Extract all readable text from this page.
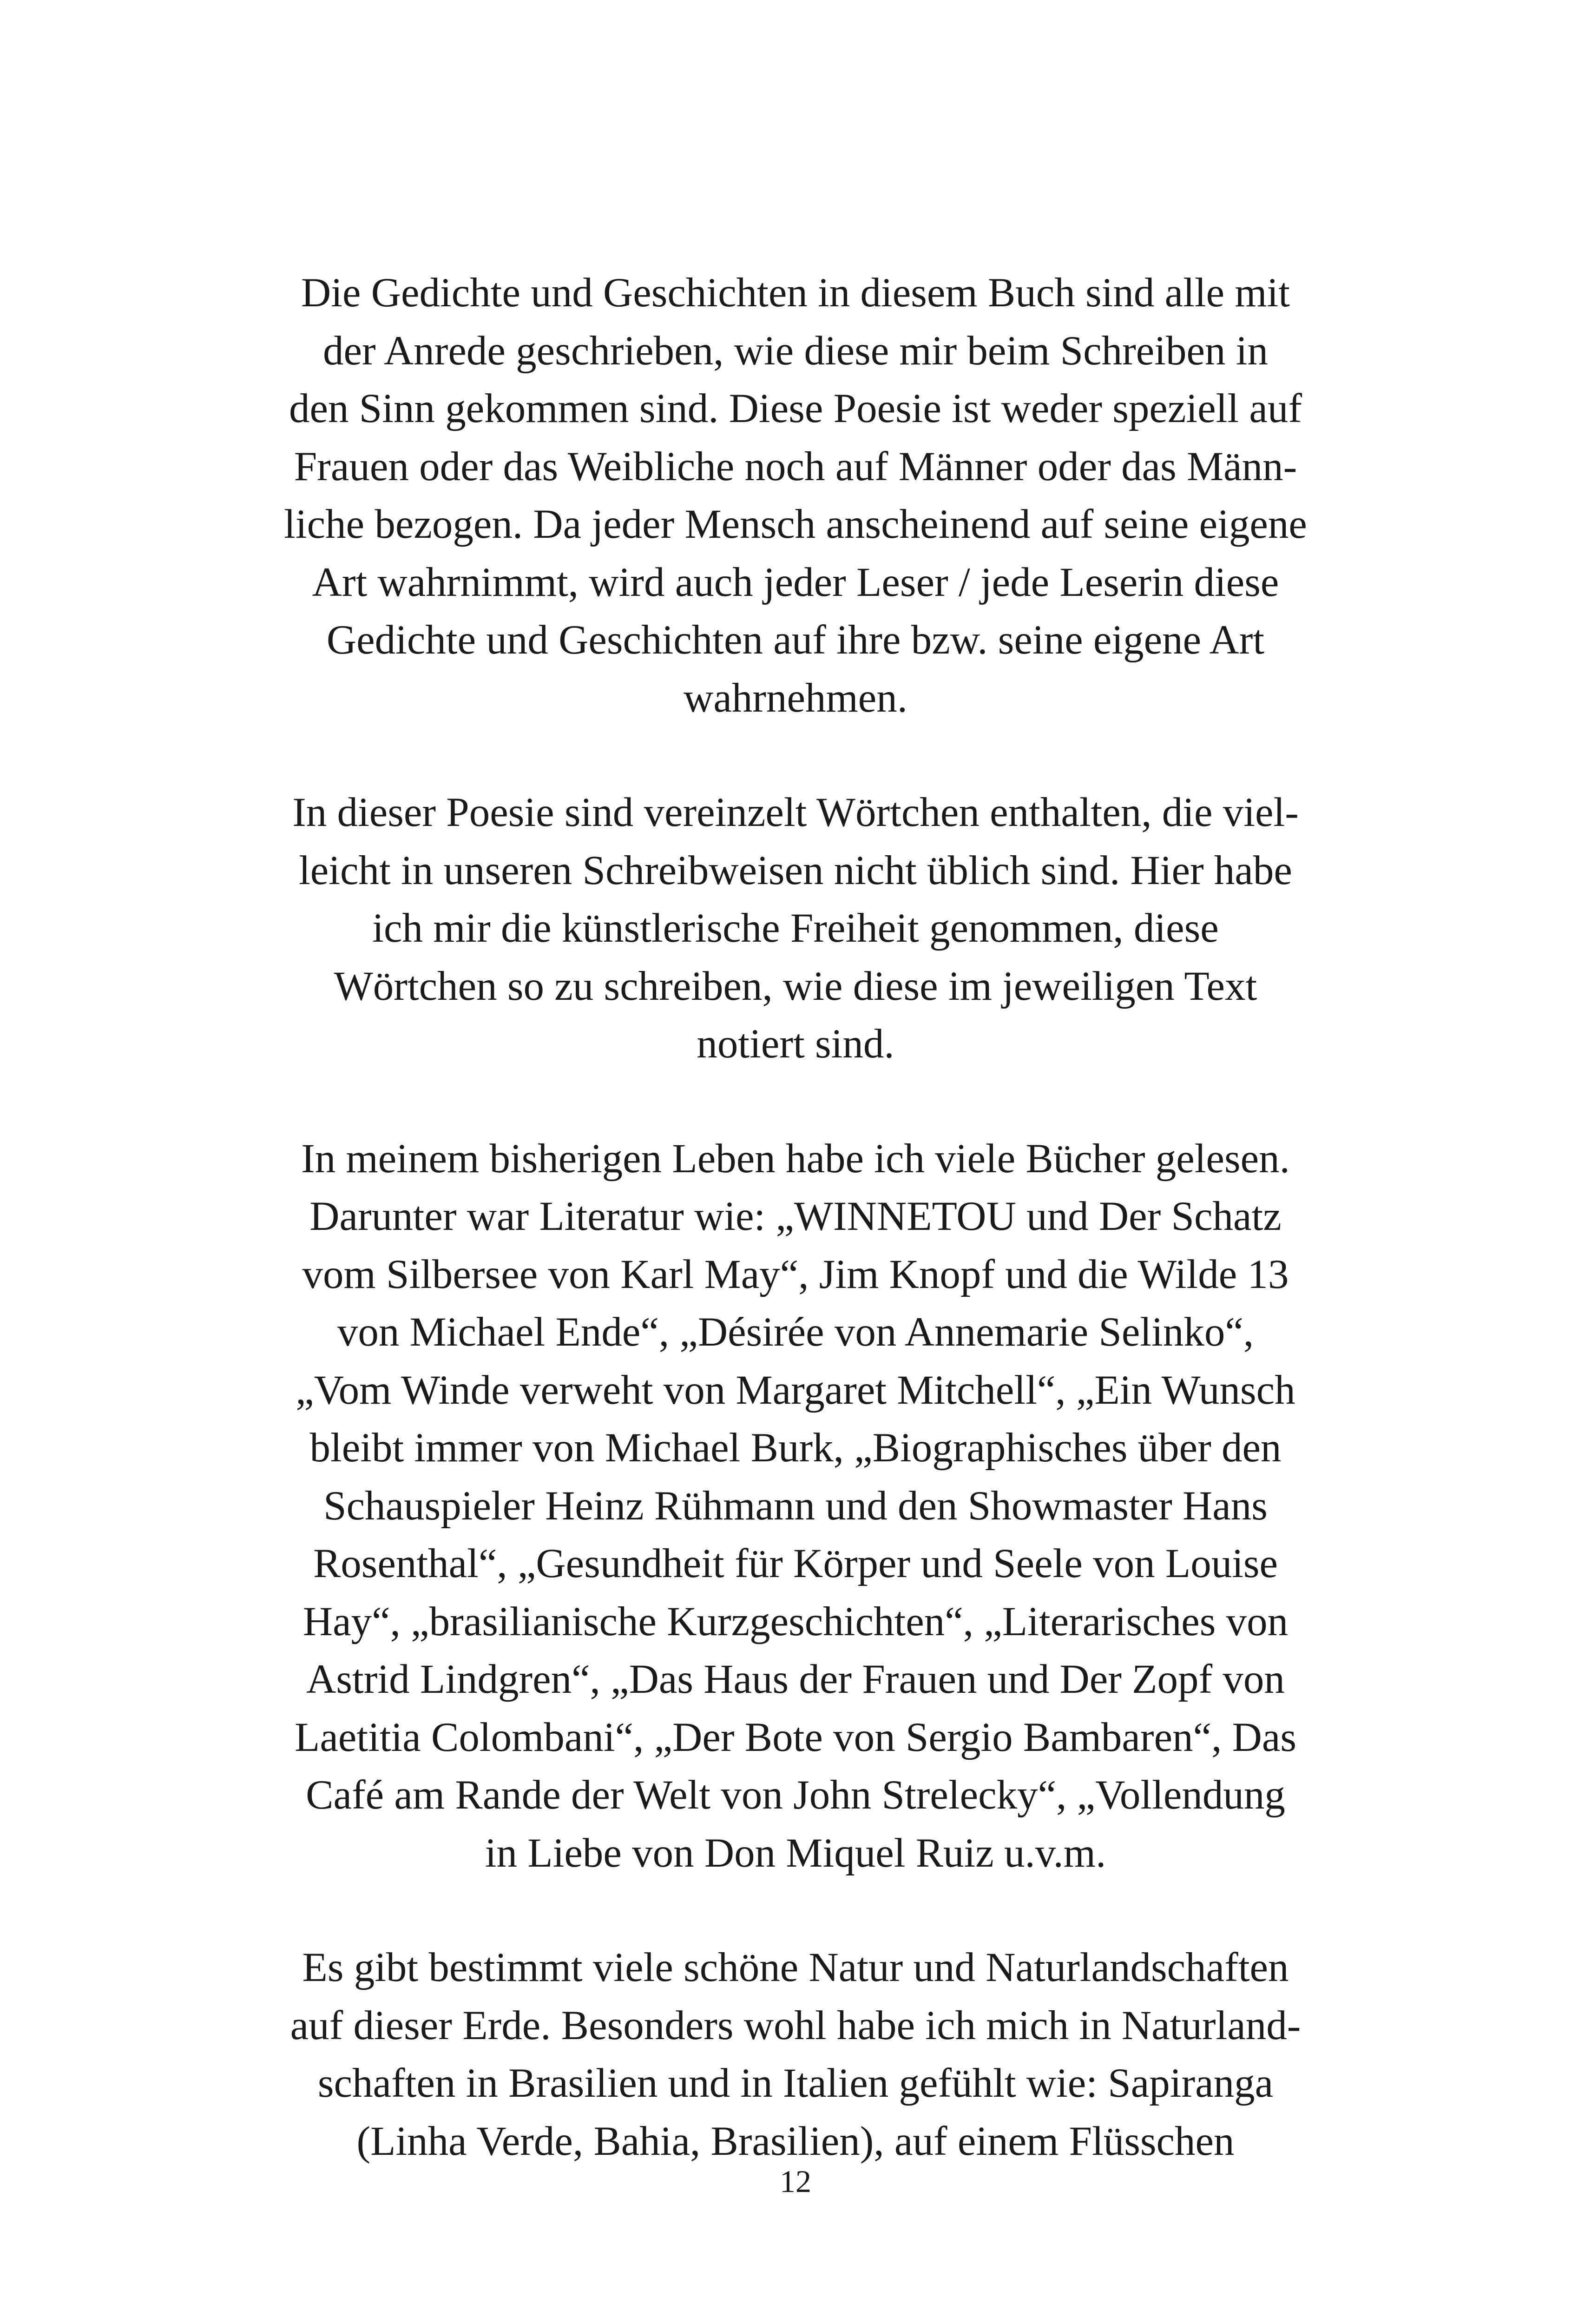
Die Gedichte und Geschichten in diesem Buch sind alle mit
der Anrede geschrieben, wie diese mir beim Schreiben in
den Sinn gekommen sind. Diese Poesie ist weder speziell auf
Frauen oder das Weibliche noch auf Männer oder das Männ-
liche bezogen. Da jeder Mensch anscheinend auf seine eigene
Art wahrnimmt, wird auch jeder Leser / jede Leserin diese
Gedichte und Geschichten auf ihre bzw. seine eigene Art
wahrnehmen.

In dieser Poesie sind vereinzelt Wörtchen enthalten, die viel-
leicht in unseren Schreibweisen nicht üblich sind. Hier habe
ich mir die künstlerische Freiheit genommen, diese
Wörtchen so zu schreiben, wie diese im jeweiligen Text
notiert sind.

In meinem bisherigen Leben habe ich viele Bücher gelesen.
Darunter war Literatur wie: „WINNETOU und Der Schatz
vom Silbersee von Karl May“, Jim Knopf und die Wilde 13
von Michael Ende“, „Désirée von Annemarie Selinko“,
„Vom Winde verweht von Margaret Mitchell“, „Ein Wunsch
bleibt immer von Michael Burk, „Biographisches über den
Schauspieler Heinz Rühmann und den Showmaster Hans
Rosenthal“, „Gesundheit für Körper und Seele von Louise
Hay“, „brasilianische Kurzgeschichten“, „Literarisches von
Astrid Lindgren“, „Das Haus der Frauen und Der Zopf von
Laetitia Colombani“, „Der Bote von Sergio Bambaren“, Das
Café am Rande der Welt von John Strelecky“, „Vollendung
in Liebe von Don Miquel Ruiz u.v.m.

Es gibt bestimmt viele schöne Natur und Naturlandschaften
auf dieser Erde. Besonders wohl habe ich mich in Naturland-
schaften in Brasilien und in Italien gefühlt wie: Sapiranga
(Linha Verde, Bahia, Brasilien), auf einem Flüsschen

12
